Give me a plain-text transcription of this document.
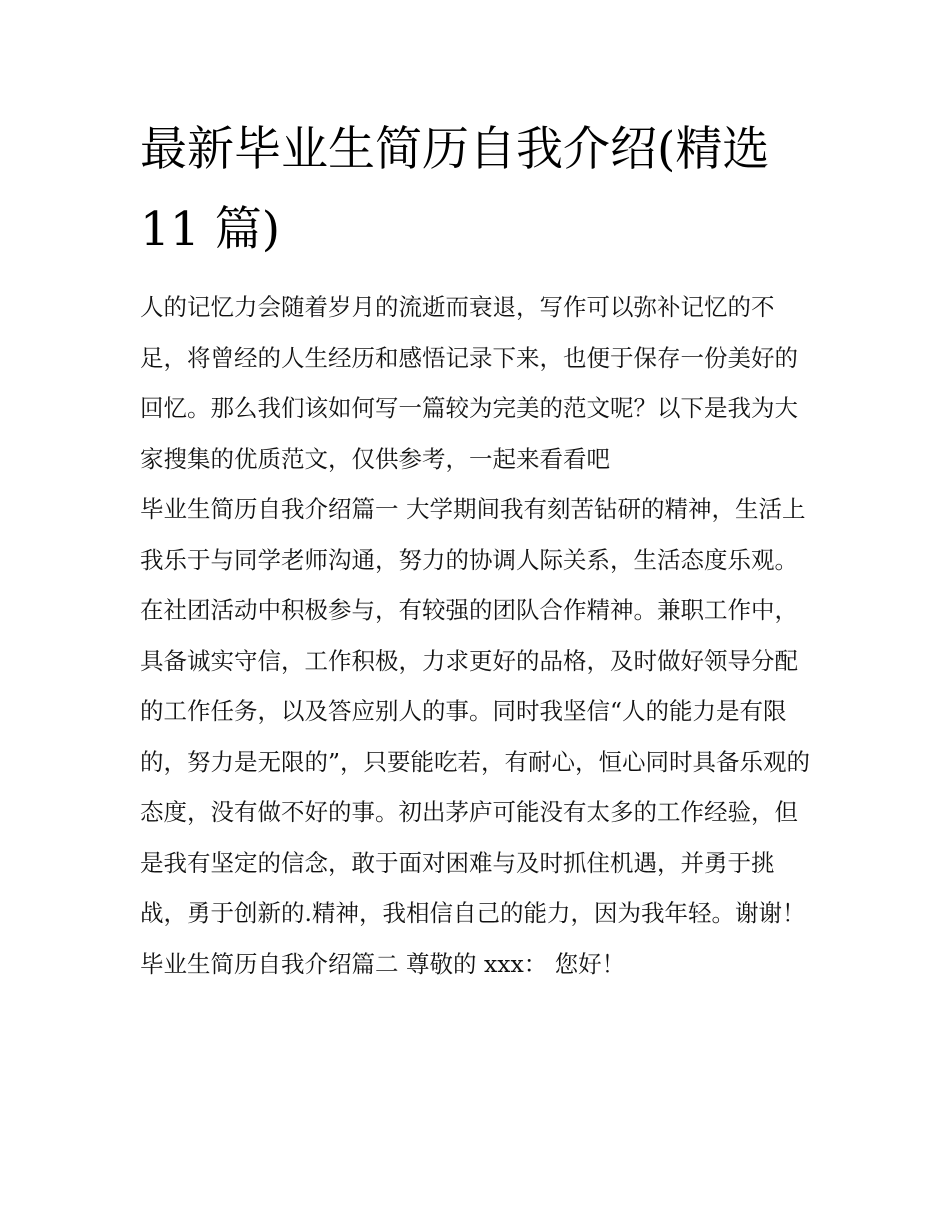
最新毕业生简历自我介绍(精选 11 篇)

人的记忆力会随着岁月的流逝而衰退，写作可以弥补记忆的不足，将曾经的人生经历和感悟记录下来，也便于保存一份美好的回忆。那么我们该如何写一篇较为完美的范文呢？以下是我为大家搜集的优质范文，仅供参考，一起来看看吧

毕业生简历自我介绍篇一 大学期间我有刻苦钻研的精神，生活上我乐于与同学老师沟通，努力的协调人际关系，生活态度乐观。

在社团活动中积极参与，有较强的团队合作精神。兼职工作中，具备诚实守信，工作积极，力求更好的品格，及时做好领导分配的工作任务，以及答应别人的事。同时我坚信“人的能力是有限的，努力是无限的”，只要能吃若，有耐心，恒心同时具备乐观的态度，没有做不好的事。初出茅庐可能没有太多的工作经验，但是我有坚定的信念，敢于面对困难与及时抓住机遇，并勇于挑战，勇于创新的.精神，我相信自己的能力，因为我年轻。谢谢！

毕业生简历自我介绍篇二 尊敬的 xxx： 您好！
